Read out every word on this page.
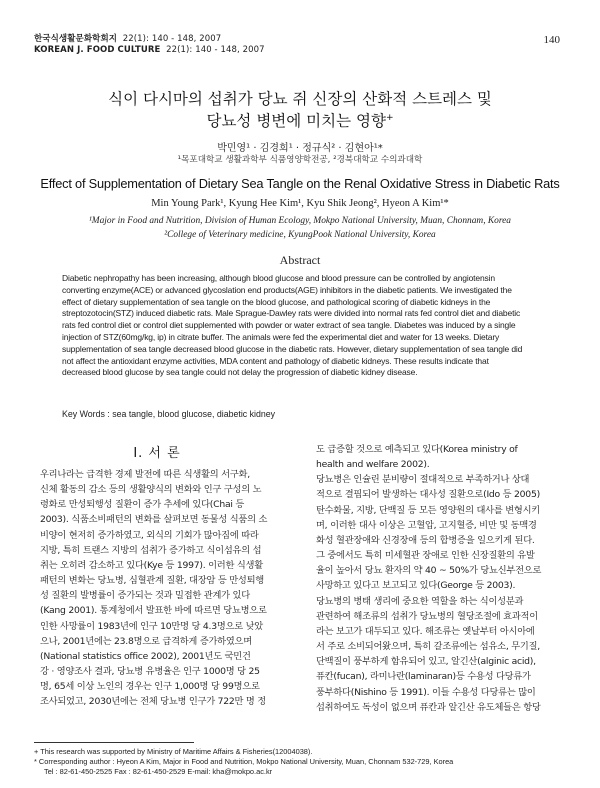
한국식생활문화학회지 22(1): 140 - 148, 2007
KOREAN J. FOOD CULTURE 22(1): 140 - 148, 2007
140
식이 다시마의 섭취가 당뇨 쥐 신장의 산화적 스트레스 및
당뇨성 병변에 미치는 영향+
박민영¹ · 김경희¹ · 정규식² · 김현아¹*
¹목포대학교 생활과학부 식품영양학전공, ²경북대학교 수의과대학
Effect of Supplementation of Dietary Sea Tangle on the Renal Oxidative Stress in Diabetic Rats
Min Young Park¹, Kyung Hee Kim¹, Kyu Shik Jeong², Hyeon A Kim¹*
¹Major in Food and Nutrition, Division of Human Ecology, Mokpo National University, Muan, Chonnam, Korea
²College of Veterinary medicine, KyungPook National University, Korea
Abstract
Diabetic nephropathy has been increasing, although blood glucose and blood pressure can be controlled by angiotensin
converting enzyme(ACE) or advanced glycoslation end products(AGE) inhibitors in the diabetic patients. We investigated the
effect of dietary supplementation of sea tangle on the blood glucose, and pathological scoring of diabetic kidneys in the
streptozotocin(STZ) induced diabetic rats. Male Sprague-Dawley rats were divided into normal rats fed control diet and diabetic
rats fed control diet or control diet supplemented with powder or water extract of sea tangle. Diabetes was induced by a single
injection of STZ(60mg/kg, ip) in citrate buffer. The animals were fed the experimental diet and water for 13 weeks. Dietary
supplementation of sea tangle decreased blood glucose in the diabetic rats. However, dietary supplementation of sea tangle did
not affect the antioxidant enzyme activities, MDA content and pathology of diabetic kidneys. These results indicate that
decreased blood glucose by sea tangle could not delay the progression of diabetic kidney disease.
Key Words : sea tangle, blood glucose, diabetic kidney
Ⅰ. 서 론
우리나라는 급격한 경제 발전에 따른 식생활의 서구화,
신체 활동의 감소 등의 생활양식의 변화와 인구 구성의 노
령화로 만성퇴행성 질환이 증가 추세에 있다(Chai 등
2003). 식품소비패턴의 변화를 살펴보면 동물성 식품의 소
비양이 현저히 증가하였고, 외식의 기회가 많아짐에 따라
지방, 특히 트랜스 지방의 섭취가 증가하고 식이섬유의 섭
취는 오히려 감소하고 있다(Kye 등 1997). 이러한 식생활
패턴의 변화는 당뇨병, 심혈관계 질환, 대장암 등 만성퇴행
성 질환의 발병률이 증가되는 것과 밀접한 관계가 있다
(Kang 2001). 통계청에서 발표한 바에 따르면 당뇨병으로
인한 사망률이 1983년에 인구 10만명 당 4.3명으로 낮았
으나, 2001년에는 23.8명으로 급격하게 증가하였으며
(National statistics office 2002), 2001년도 국민건
강 · 영양조사 결과, 당뇨병 유병율은 인구 1000명 당 25
명, 65세 이상 노인의 경우는 인구 1,000명 당 99명으로
조사되었고, 2030년에는 전체 당뇨병 인구가 722만 명 정
도 급증할 것으로 예측되고 있다(Korea ministry of
health and welfare 2002).
당뇨병은 인슐린 분비량이 절대적으로 부족하거나 상대
적으로 결핍되어 발생하는 대사성 질환으로(Ido 등 2005)
탄수화물, 지방, 단백질 등 모든 영양원의 대사를 변형시키
며, 이러한 대사 이상은 고혈압, 고지혈증, 비만 및 동맥경
화성 혈관장애와 신경장애 등의 합병증을 일으키게 된다.
그 중에서도 특히 미세혈관 장애로 인한 신장질환의 유발
율이 높아서 당뇨 환자의 약 40 ~ 50%가 당뇨신부전으로
사망하고 있다고 보고되고 있다(George 등 2003).
당뇨병의 병태 생리에 중요한 역할을 하는 식이성분과
관련하여 해조류의 섭취가 당뇨병의 혈당조절에 효과적이
라는 보고가 대두되고 있다. 해조류는 옛날부터 아시아에
서 주로 소비되어왔으며, 특히 갈조류에는 섬유소, 무기질,
단백질이 풍부하게 함유되어 있고, 알긴산(alginic acid),
퓨칸(fucan), 라미나란(laminaran)등 수용성 다당류가
풍부하다(Nishino 등 1991). 이들 수용성 다당류는 많이
섭취하여도 독성이 없으며 퓨칸과 알긴산 유도체들은 항당
+ This research was supported by Ministry of Maritime Affairs & Fisheries(12004038).
* Corresponding author : Hyeon A Kim, Major in Food and Nutrition, Mokpo National University, Muan, Chonnam 532-729, Korea
Tel : 82-61-450-2525 Fax : 82-61-450-2529 E-mail: kha@mokpo.ac.kr
